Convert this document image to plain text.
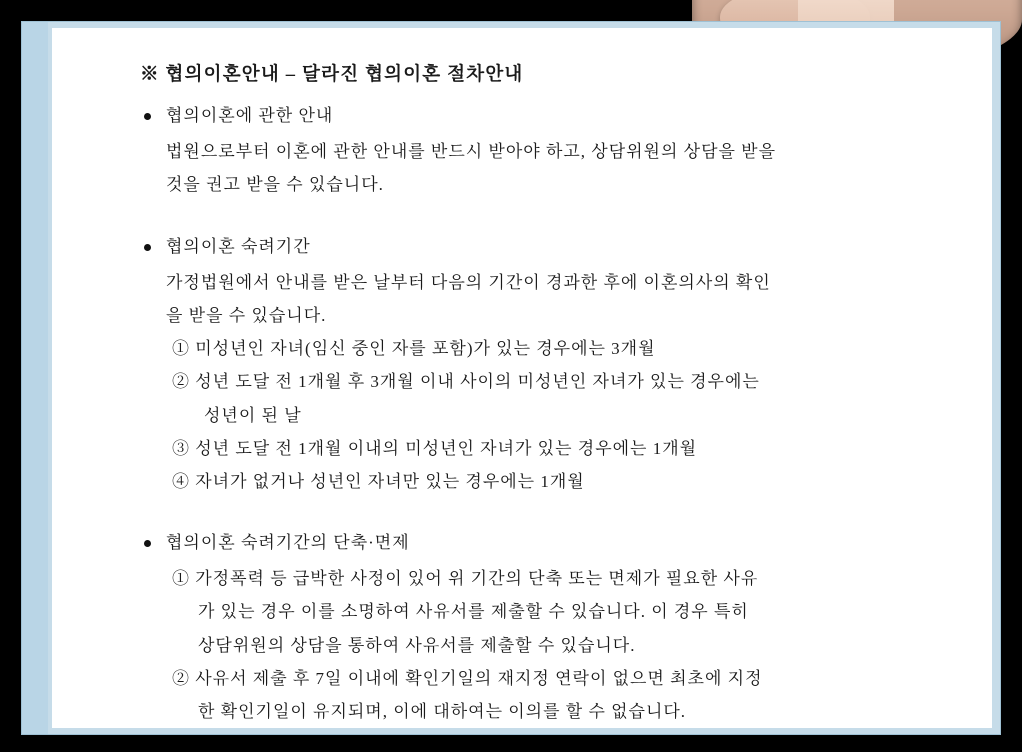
※ 협의이혼안내 – 달라진 협의이혼 절차안내
협의이혼에 관한 안내
법원으로부터 이혼에 관한 안내를 반드시 받아야 하고, 상담위원의 상담을 받을
것을 권고 받을 수 있습니다.
협의이혼 숙려기간
가정법원에서 안내를 받은 날부터 다음의 기간이 경과한 후에 이혼의사의 확인
을 받을 수 있습니다.
① 미성년인 자녀(임신 중인 자를 포함)가 있는 경우에는 3개월
② 성년 도달 전 1개월 후 3개월 이내 사이의 미성년인 자녀가 있는 경우에는
성년이 된 날
③ 성년 도달 전 1개월 이내의 미성년인 자녀가 있는 경우에는 1개월
④ 자녀가 없거나 성년인 자녀만 있는 경우에는 1개월
협의이혼 숙려기간의 단축·면제
① 가정폭력 등 급박한 사정이 있어 위 기간의 단축 또는 면제가 필요한 사유
가 있는 경우 이를 소명하여 사유서를 제출할 수 있습니다. 이 경우 특히
상담위원의 상담을 통하여 사유서를 제출할 수 있습니다.
② 사유서 제출 후 7일 이내에 확인기일의 재지정 연락이 없으면 최초에 지정
한 확인기일이 유지되며, 이에 대하여는 이의를 할 수 없습니다.
